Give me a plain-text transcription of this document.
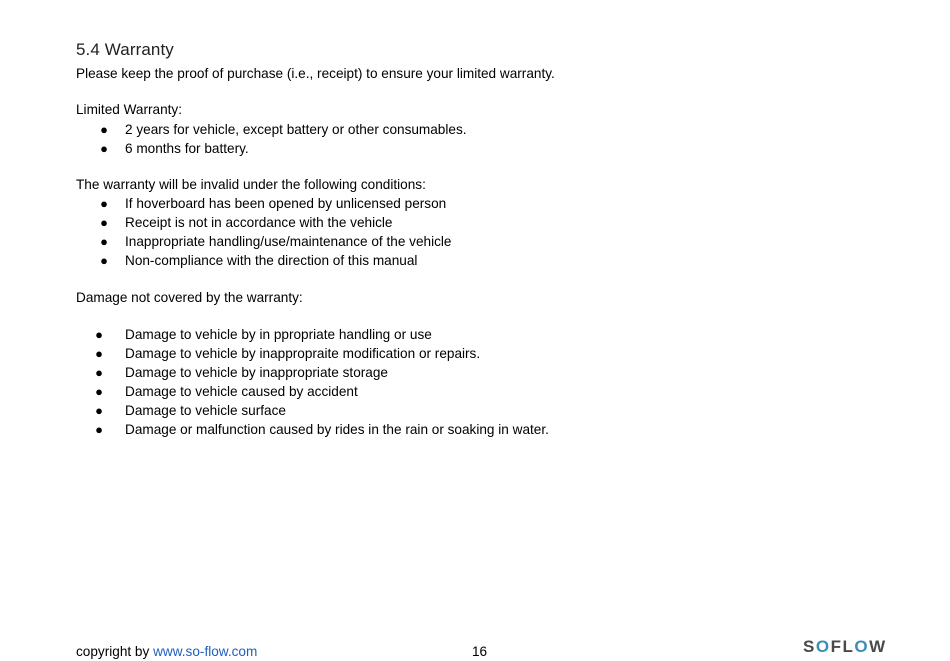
5.4 Warranty
Please keep the proof of purchase (i.e., receipt) to ensure your limited warranty.
Limited Warranty:
● 2 years for vehicle, except battery or other consumables.
● 6 months for battery.
The warranty will be invalid under the following conditions:
● If hoverboard has been opened by unlicensed person
● Receipt is not in accordance with the vehicle
● Inappropriate handling/use/maintenance of the vehicle
● Non-compliance with the direction of this manual
Damage not covered by the warranty:
● Damage to vehicle by in ppropriate handling or use
● Damage to vehicle by inappropraite modification or repairs.
● Damage to vehicle by inappropriate storage
● Damage to vehicle caused by accident
● Damage to vehicle surface
● Damage or malfunction caused by rides in the rain or soaking in water.
copyright by www.so-flow.com	16	SOFLOW
